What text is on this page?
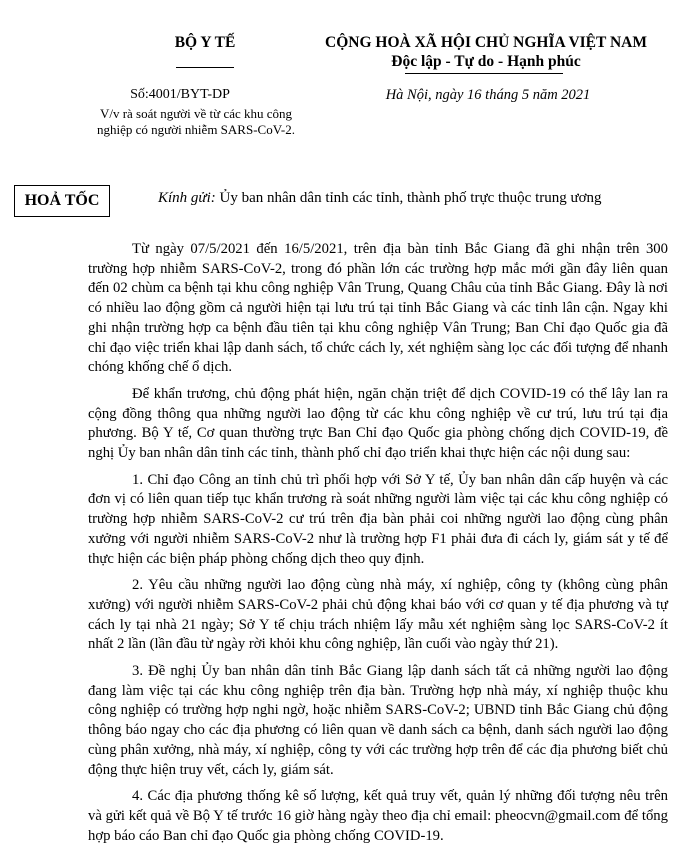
BỘ Y TẾ	CỘNG HOÀ XÃ HỘI CHỦ NGHĨA VIỆT NAM
Độc lập - Tự do - Hạnh phúc
Số:4001/BYT-DP
V/v rà soát người về từ các khu công nghiệp có người nhiễm SARS-CoV-2.
Hà Nội, ngày 16 tháng 5 năm 2021
HOẢ TỐC	Kính gửi: Ủy ban nhân dân tỉnh các tỉnh, thành phố trực thuộc trung ương

Từ ngày 07/5/2021 đến 16/5/2021, trên địa bàn tỉnh Bắc Giang đã ghi nhận trên 300 trường hợp nhiễm SARS-CoV-2, trong đó phần lớn các trường hợp mắc mới gần đây liên quan đến 02 chùm ca bệnh tại khu công nghiệp Vân Trung, Quang Châu của tỉnh Bắc Giang. Đây là nơi có nhiều lao động gồm cả người hiện tại lưu trú tại tỉnh Bắc Giang và các tỉnh lân cận. Ngay khi ghi nhận trường hợp ca bệnh đầu tiên tại khu công nghiệp Vân Trung; Ban Chỉ đạo Quốc gia đã chỉ đạo việc triển khai lập danh sách, tổ chức cách ly, xét nghiệm sàng lọc các đối tượng để nhanh chóng khống chế ổ dịch.

Để khẩn trương, chủ động phát hiện, ngăn chặn triệt để dịch COVID-19 có thể lây lan ra cộng đồng thông qua những người lao động từ các khu công nghiệp về cư trú, lưu trú tại địa phương. Bộ Y tế, Cơ quan thường trực Ban Chỉ đạo Quốc gia phòng chống dịch COVID-19, đề nghị Ủy ban nhân dân tỉnh các tỉnh, thành phố chỉ đạo triển khai thực hiện các nội dung sau:

1. Chỉ đạo Công an tỉnh chủ trì phối hợp với Sở Y tế, Ủy ban nhân dân cấp huyện và các đơn vị có liên quan tiếp tục khẩn trương rà soát những người làm việc tại các khu công nghiệp có trường hợp nhiễm SARS-CoV-2 cư trú trên địa bàn phải coi những người lao động cùng phân xưởng với người nhiễm SARS-CoV-2 như là trường hợp F1 phải đưa đi cách ly, giám sát y tế để thực hiện các biện pháp phòng chống dịch theo quy định.

2. Yêu cầu những người lao động cùng nhà máy, xí nghiệp, công ty (không cùng phân xưởng) với người nhiễm SARS-CoV-2 phải chủ động khai báo với cơ quan y tế địa phương và tự cách ly tại nhà 21 ngày; Sở Y tế chịu trách nhiệm lấy mẫu xét nghiệm sàng lọc SARS-CoV-2 ít nhất 2 lần (lần đầu từ ngày rời khỏi khu công nghiệp, lần cuối vào ngày thứ 21).

3. Đề nghị Ủy ban nhân dân tỉnh Bắc Giang lập danh sách tất cả những người lao động đang làm việc tại các khu công nghiệp trên địa bàn. Trường hợp nhà máy, xí nghiệp thuộc khu công nghiệp có trường hợp nghi ngờ, hoặc nhiễm SARS-CoV-2; UBND tỉnh Bắc Giang chủ động thông báo ngay cho các địa phương có liên quan về danh sách ca bệnh, danh sách người lao động cùng phân xưởng, nhà máy, xí nghiệp, công ty với các trường hợp trên để các địa phương biết chủ động thực hiện truy vết, cách ly, giám sát.

4. Các địa phương thống kê số lượng, kết quả truy vết, quản lý những đối tượng nêu trên và gửi kết quả về Bộ Y tế trước 16 giờ hàng ngày theo địa chỉ email: pheocvn@gmail.com để tổng hợp báo cáo Ban chỉ đạo Quốc gia phòng chống COVID-19.
